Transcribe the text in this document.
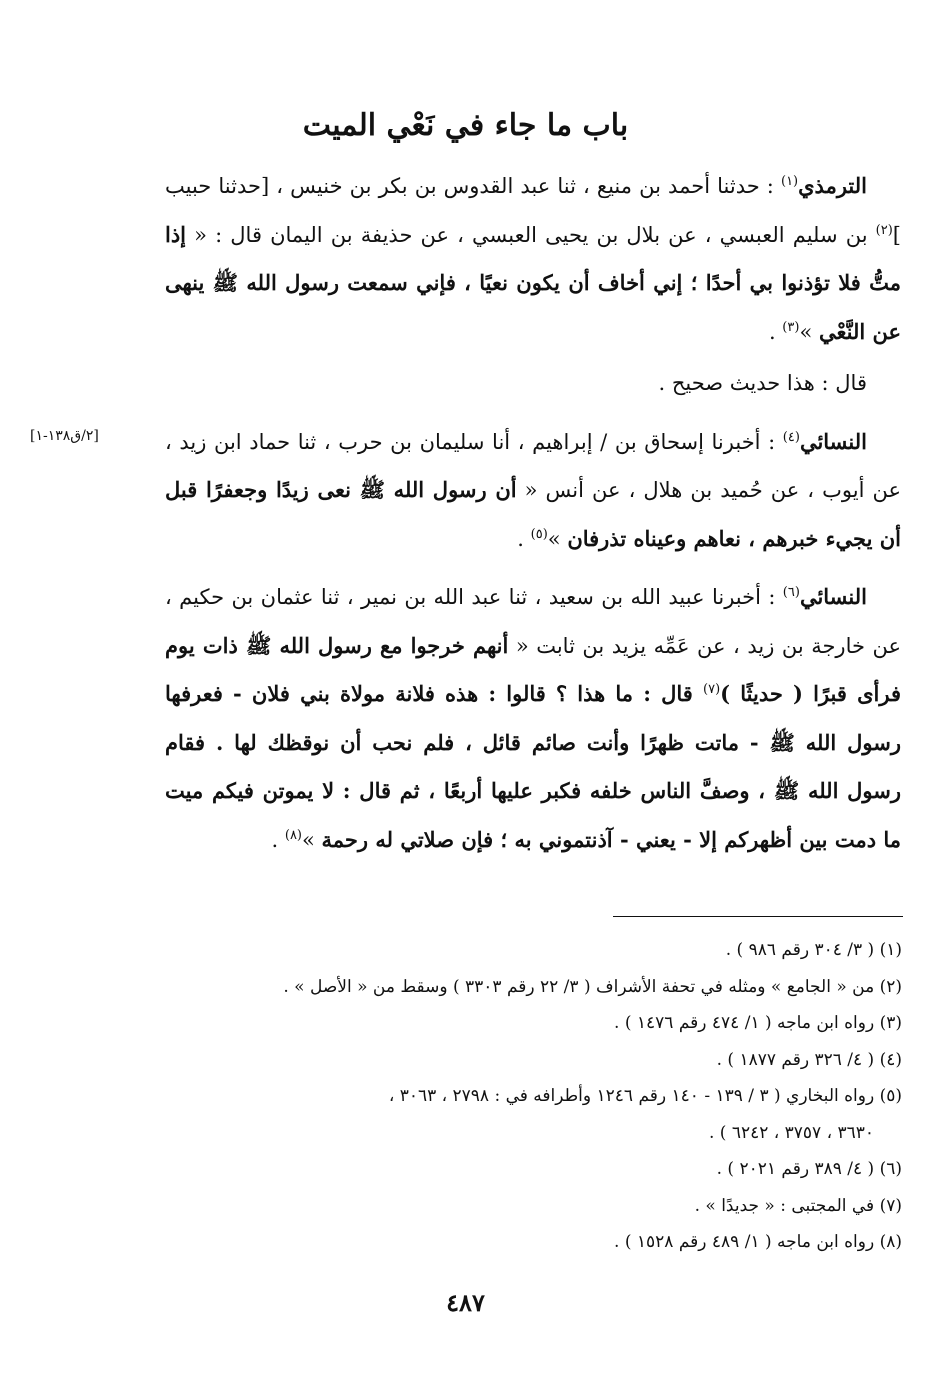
باب ما جاء في نَعْي الميت
[٢/ق١٣٨-١]

الترمذي$^{(١)}$ : حدثنا أحمد بن منيع ، ثنا عبد القدوس بن بكر بن خنيس ، [حدثنا حبيب ]$^{(٢)}$ بن سليم العبسي ، عن بلال بن يحيى العبسي ، عن حذيفة بن اليمان قال : « إذا متُّ فلا تؤذنوا بي أحدًا ؛ إني أخاف أن يكون نعيًا ، فإني سمعت رسول الله ﷺ ينهى عن النَّعْي »$^{(٣)}$ .

قال : هذا حديث صحيح .

النسائي$^{(٤)}$ : أخبرنا إسحاق بن / إبراهيم ، أنا سليمان بن حرب ، ثنا حماد ابن زيد ، عن أيوب ، عن حُميد بن هلال ، عن أنس « أن رسول الله ﷺ نعى زيدًا وجعفرًا قبل أن يجيء خبرهم ، نعاهم وعيناه تذرفان »$^{(٥)}$ .

النسائي$^{(٦)}$ : أخبرنا عبيد الله بن سعيد ، ثنا عبد الله بن نمير ، ثنا عثمان بن حكيم ، عن خارجة بن زيد ، عن عَمِّه يزيد بن ثابت « أنهم خرجوا مع رسول الله ﷺ ذات يوم فرأى قبرًا ( حديثًا )$^{(٧)}$ قال : ما هذا ؟ قالوا : هذه فلانة مولاة بني فلان - فعرفها رسول الله ﷺ - ماتت ظهرًا وأنت صائم قائل ، فلم نحب أن نوقظك لها . فقام رسول الله ﷺ ، وصفَّ الناس خلفه فكبر عليها أربعًا ، ثم قال : لا يموتن فيكم ميت ما دمت بين أظهركم إلا - يعني - آذنتموني به ؛ فإن صلاتي له رحمة »$^{(٨)}$ .

(١) ( ٣/ ٣٠٤ رقم ٩٨٦ ) .

(٢) من « الجامع » ومثله في تحفة الأشراف ( ٣/ ٢٢ رقم ٣٣٠٣ ) وسقط من « الأصل » .

(٣) رواه ابن ماجه ( ١/ ٤٧٤ رقم ١٤٧٦ ) .

(٤) ( ٤/ ٣٢٦ رقم ١٨٧٧ ) .

(٥) رواه البخاري ( ٣ / ١٣٩ - ١٤٠ رقم ١٢٤٦ وأطرافه في : ٢٧٩٨ ، ٣٠٦٣ ،

٣٦٣٠ ، ٣٧٥٧ ، ٦٢٤٢ ) .

(٦) ( ٤/ ٣٨٩ رقم ٢٠٢١ ) .

(٧) في المجتبى : « جديدًا » .

(٨) رواه ابن ماجه ( ١/ ٤٨٩ رقم ١٥٢٨ ) .

٤٨٧
